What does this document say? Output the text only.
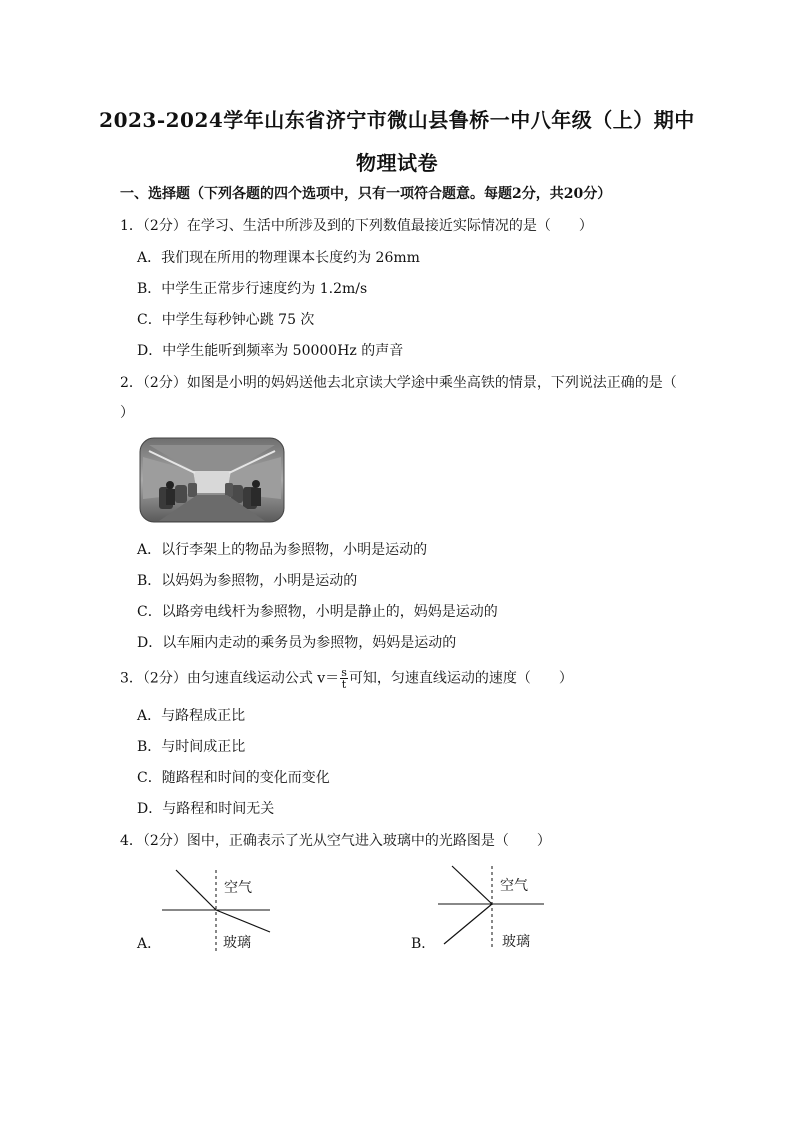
2023-2024学年山东省济宁市微山县鲁桥一中八年级（上）期中
物理试卷
一、选择题（下列各题的四个选项中，只有一项符合题意。每题2分，共20分）
1．（2分）在学习、生活中所涉及到的下列数值最接近实际情况的是（　　）
A．我们现在所用的物理课本长度约为 26mm
B．中学生正常步行速度约为 1.2m/s
C．中学生每秒钟心跳 75 次
D．中学生能听到频率为 50000Hz 的声音
2．（2分）如图是小明的妈妈送他去北京读大学途中乘坐高铁的情景，下列说法正确的是（
）
A．以行李架上的物品为参照物，小明是运动的
B．以妈妈为参照物，小明是运动的
C．以路旁电线杆为参照物，小明是静止的，妈妈是运动的
D．以车厢内走动的乘务员为参照物，妈妈是运动的
3．（2分）由匀速直线运动公式 $v= \frac{s}{t}$ 可知，匀速直线运动的速度（　　）
A．与路程成正比
B．与时间成正比
C．随路程和时间的变化而变化
D．与路程和时间无关
4．（2分）图中，正确表示了光从空气进入玻璃中的光路图是（　　）
A．
空气
玻璃	B．
空气
玻璃
